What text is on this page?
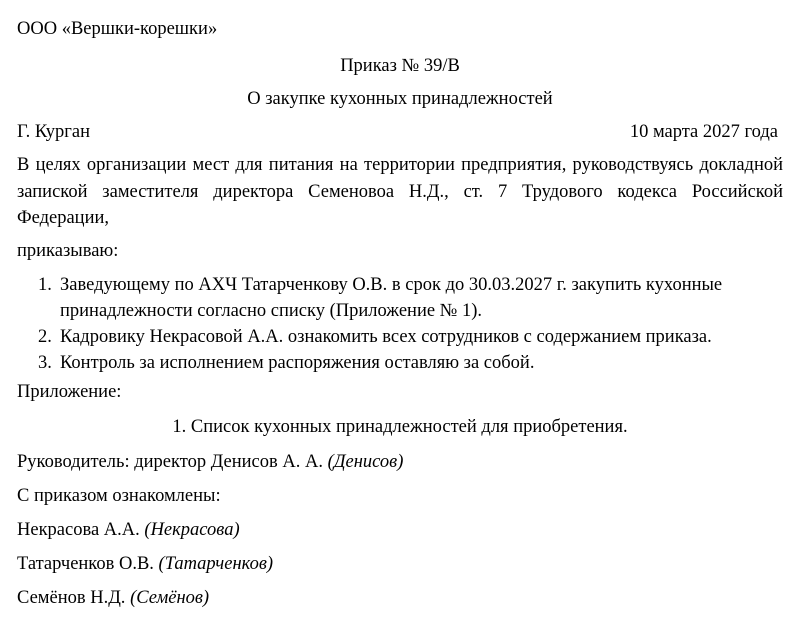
ООО «Вершки-корешки»
Приказ № 39/В
О закупке кухонных принадлежностей
Г. Курган	10 марта 2027 года
В целях организации мест для питания на территории предприятия, руководствуясь докладной запиской заместителя директора Семеновоа Н.Д., ст. 7 Трудового кодекса Российской Федерации,
приказываю:
1. Заведующему по АХЧ Татарченкову О.В. в срок до 30.03.2027 г. закупить кухонные принадлежности согласно списку (Приложение № 1).
2. Кадровику Некрасовой А.А. ознакомить всех сотрудников с содержанием приказа.
3. Контроль за исполнением распоряжения оставляю за собой.
Приложение:
1. Список кухонных принадлежностей для приобретения.
Руководитель: директор Денисов А. А. (Денисов)
С приказом ознакомлены:
Некрасова А.А. (Некрасова)
Татарченков О.В. (Татарченков)
Семёнов Н.Д. (Семёнов)
